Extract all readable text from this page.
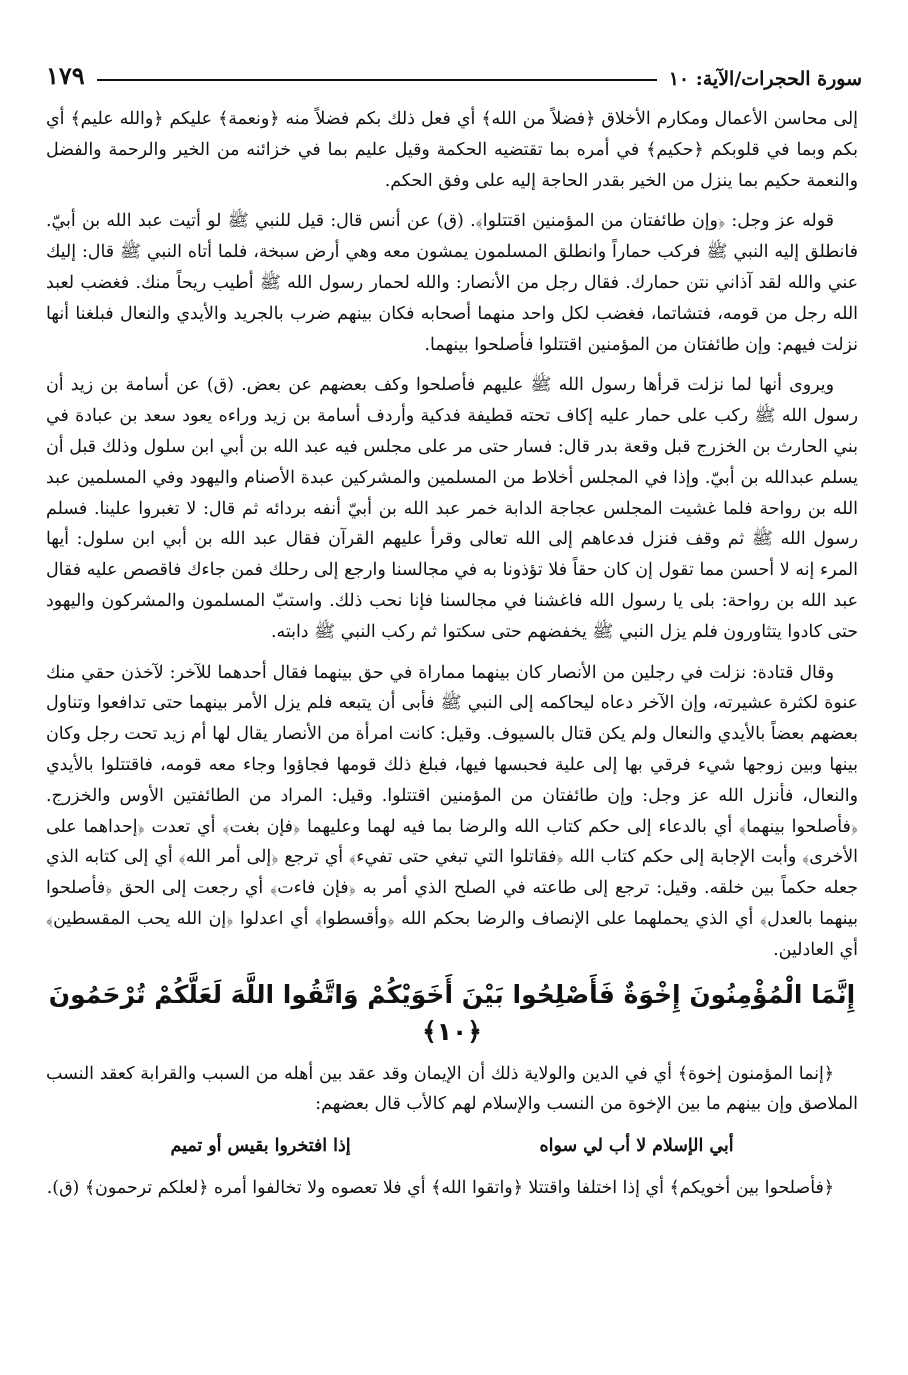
سورة الحجرات/الآية: ١٠
١٧٩

إلى محاسن الأعمال ومكارم الأخلاق ﴿فضلاً من الله﴾ أي فعل ذلك بكم فضلاً منه ﴿ونعمة﴾ عليكم ﴿والله عليم﴾ أي بكم وبما في قلوبكم ﴿حكيم﴾ في أمره بما تقتضيه الحكمة وقيل عليم بما في خزائنه من الخير والرحمة والفضل والنعمة حكيم بما ينزل من الخير بقدر الحاجة إليه على وفق الحكم.

قوله عز وجل: ﴿وإن طائفتان من المؤمنين اقتتلوا﴾. (ق) عن أنس قال: قيل للنبي ﷺ لو أتيت عبد الله بن أبيّ. فانطلق إليه النبي ﷺ فركب حماراً وانطلق المسلمون يمشون معه وهي أرض سبخة، فلما أتاه النبي ﷺ قال: إليك عني والله لقد آذاني نتن حمارك. فقال رجل من الأنصار: والله لحمار رسول الله ﷺ أطيب ريحاً منك. فغضب لعبد الله رجل من قومه، فتشاتما، فغضب لكل واحد منهما أصحابه فكان بينهم ضرب بالجريد والأيدي والنعال فبلغنا أنها نزلت فيهم: وإن طائفتان من المؤمنين اقتتلوا فأصلحوا بينهما.

ويروى أنها لما نزلت قرأها رسول الله ﷺ عليهم فأصلحوا وكف بعضهم عن بعض. (ق) عن أسامة بن زيد أن رسول الله ﷺ ركب على حمار عليه إكاف تحته قطيفة فدكية وأردف أسامة بن زيد وراءه يعود سعد بن عبادة في بني الحارث بن الخزرج قبل وقعة بدر قال: فسار حتى مر على مجلس فيه عبد الله بن أبي ابن سلول وذلك قبل أن يسلم عبدالله بن أبيّ. وإذا في المجلس أخلاط من المسلمين والمشركين عبدة الأصنام واليهود وفي المسلمين عبد الله بن رواحة فلما غشيت المجلس عجاجة الدابة خمر عبد الله بن أبيّ أنفه بردائه ثم قال: لا تغبروا علينا. فسلم رسول الله ﷺ ثم وقف فنزل فدعاهم إلى الله تعالى وقرأ عليهم القرآن فقال عبد الله بن أبي ابن سلول: أيها المرء إنه لا أحسن مما تقول إن كان حقاً فلا تؤذونا به في مجالسنا وارجع إلى رحلك فمن جاءك فاقصص عليه فقال عبد الله بن رواحة: بلى يا رسول الله فاغشنا في مجالسنا فإنا نحب ذلك. واستبّ المسلمون والمشركون واليهود حتى كادوا يتثاورون فلم يزل النبي ﷺ يخفضهم حتى سكتوا ثم ركب النبي ﷺ دابته.

وقال قتادة: نزلت في رجلين من الأنصار كان بينهما مماراة في حق بينهما فقال أحدهما للآخر: لآخذن حقي منك عنوة لكثرة عشيرته، وإن الآخر دعاه ليحاكمه إلى النبي ﷺ فأبى أن يتبعه فلم يزل الأمر بينهما حتى تدافعوا وتناول بعضهم بعضاً بالأيدي والنعال ولم يكن قتال بالسيوف. وقيل: كانت امرأة من الأنصار يقال لها أم زيد تحت رجل وكان بينها وبين زوجها شيء فرقي بها إلى علية فحبسها فيها، فبلغ ذلك قومها فجاؤوا وجاء معه قومه، فاقتتلوا بالأيدي والنعال، فأنزل الله عز وجل: وإن طائفتان من المؤمنين اقتتلوا. وقيل: المراد من الطائفتين الأوس والخزرج. ﴿فأصلحوا بينهما﴾ أي بالدعاء إلى حكم كتاب الله والرضا بما فيه لهما وعليهما ﴿فإن بغت﴾ أي تعدت ﴿إحداهما على الأخرى﴾ وأبت الإجابة إلى حكم كتاب الله ﴿فقاتلوا التي تبغي حتى تفيء﴾ أي ترجع ﴿إلى أمر الله﴾ أي إلى كتابه الذي جعله حكماً بين خلقه. وقيل: ترجع إلى طاعته في الصلح الذي أمر به ﴿فإن فاءت﴾ أي رجعت إلى الحق ﴿فأصلحوا بينهما بالعدل﴾ أي الذي يحملهما على الإنصاف والرضا بحكم الله ﴿وأقسطوا﴾ أي اعدلوا ﴿إن الله يحب المقسطين﴾ أي العادلين.

إِنَّمَا الْمُؤْمِنُونَ إِخْوَةٌ فَأَصْلِحُوا بَيْنَ أَخَوَيْكُمْ وَاتَّقُوا اللَّهَ لَعَلَّكُمْ تُرْحَمُونَ ﴿١٠﴾

﴿إنما المؤمنون إخوة﴾ أي في الدين والولاية ذلك أن الإيمان وقد عقد بين أهله من السبب والقرابة كعقد النسب الملاصق وإن بينهم ما بين الإخوة من النسب والإسلام لهم كالأب قال بعضهم:

أبي الإسلام لا أب لي سواه
إذا افتخروا بقيس أو تميم

﴿فأصلحوا بين أخويكم﴾ أي إذا اختلفا واقتتلا ﴿واتقوا الله﴾ أي فلا تعصوه ولا تخالفوا أمره ﴿لعلكم ترحمون﴾ (ق).
